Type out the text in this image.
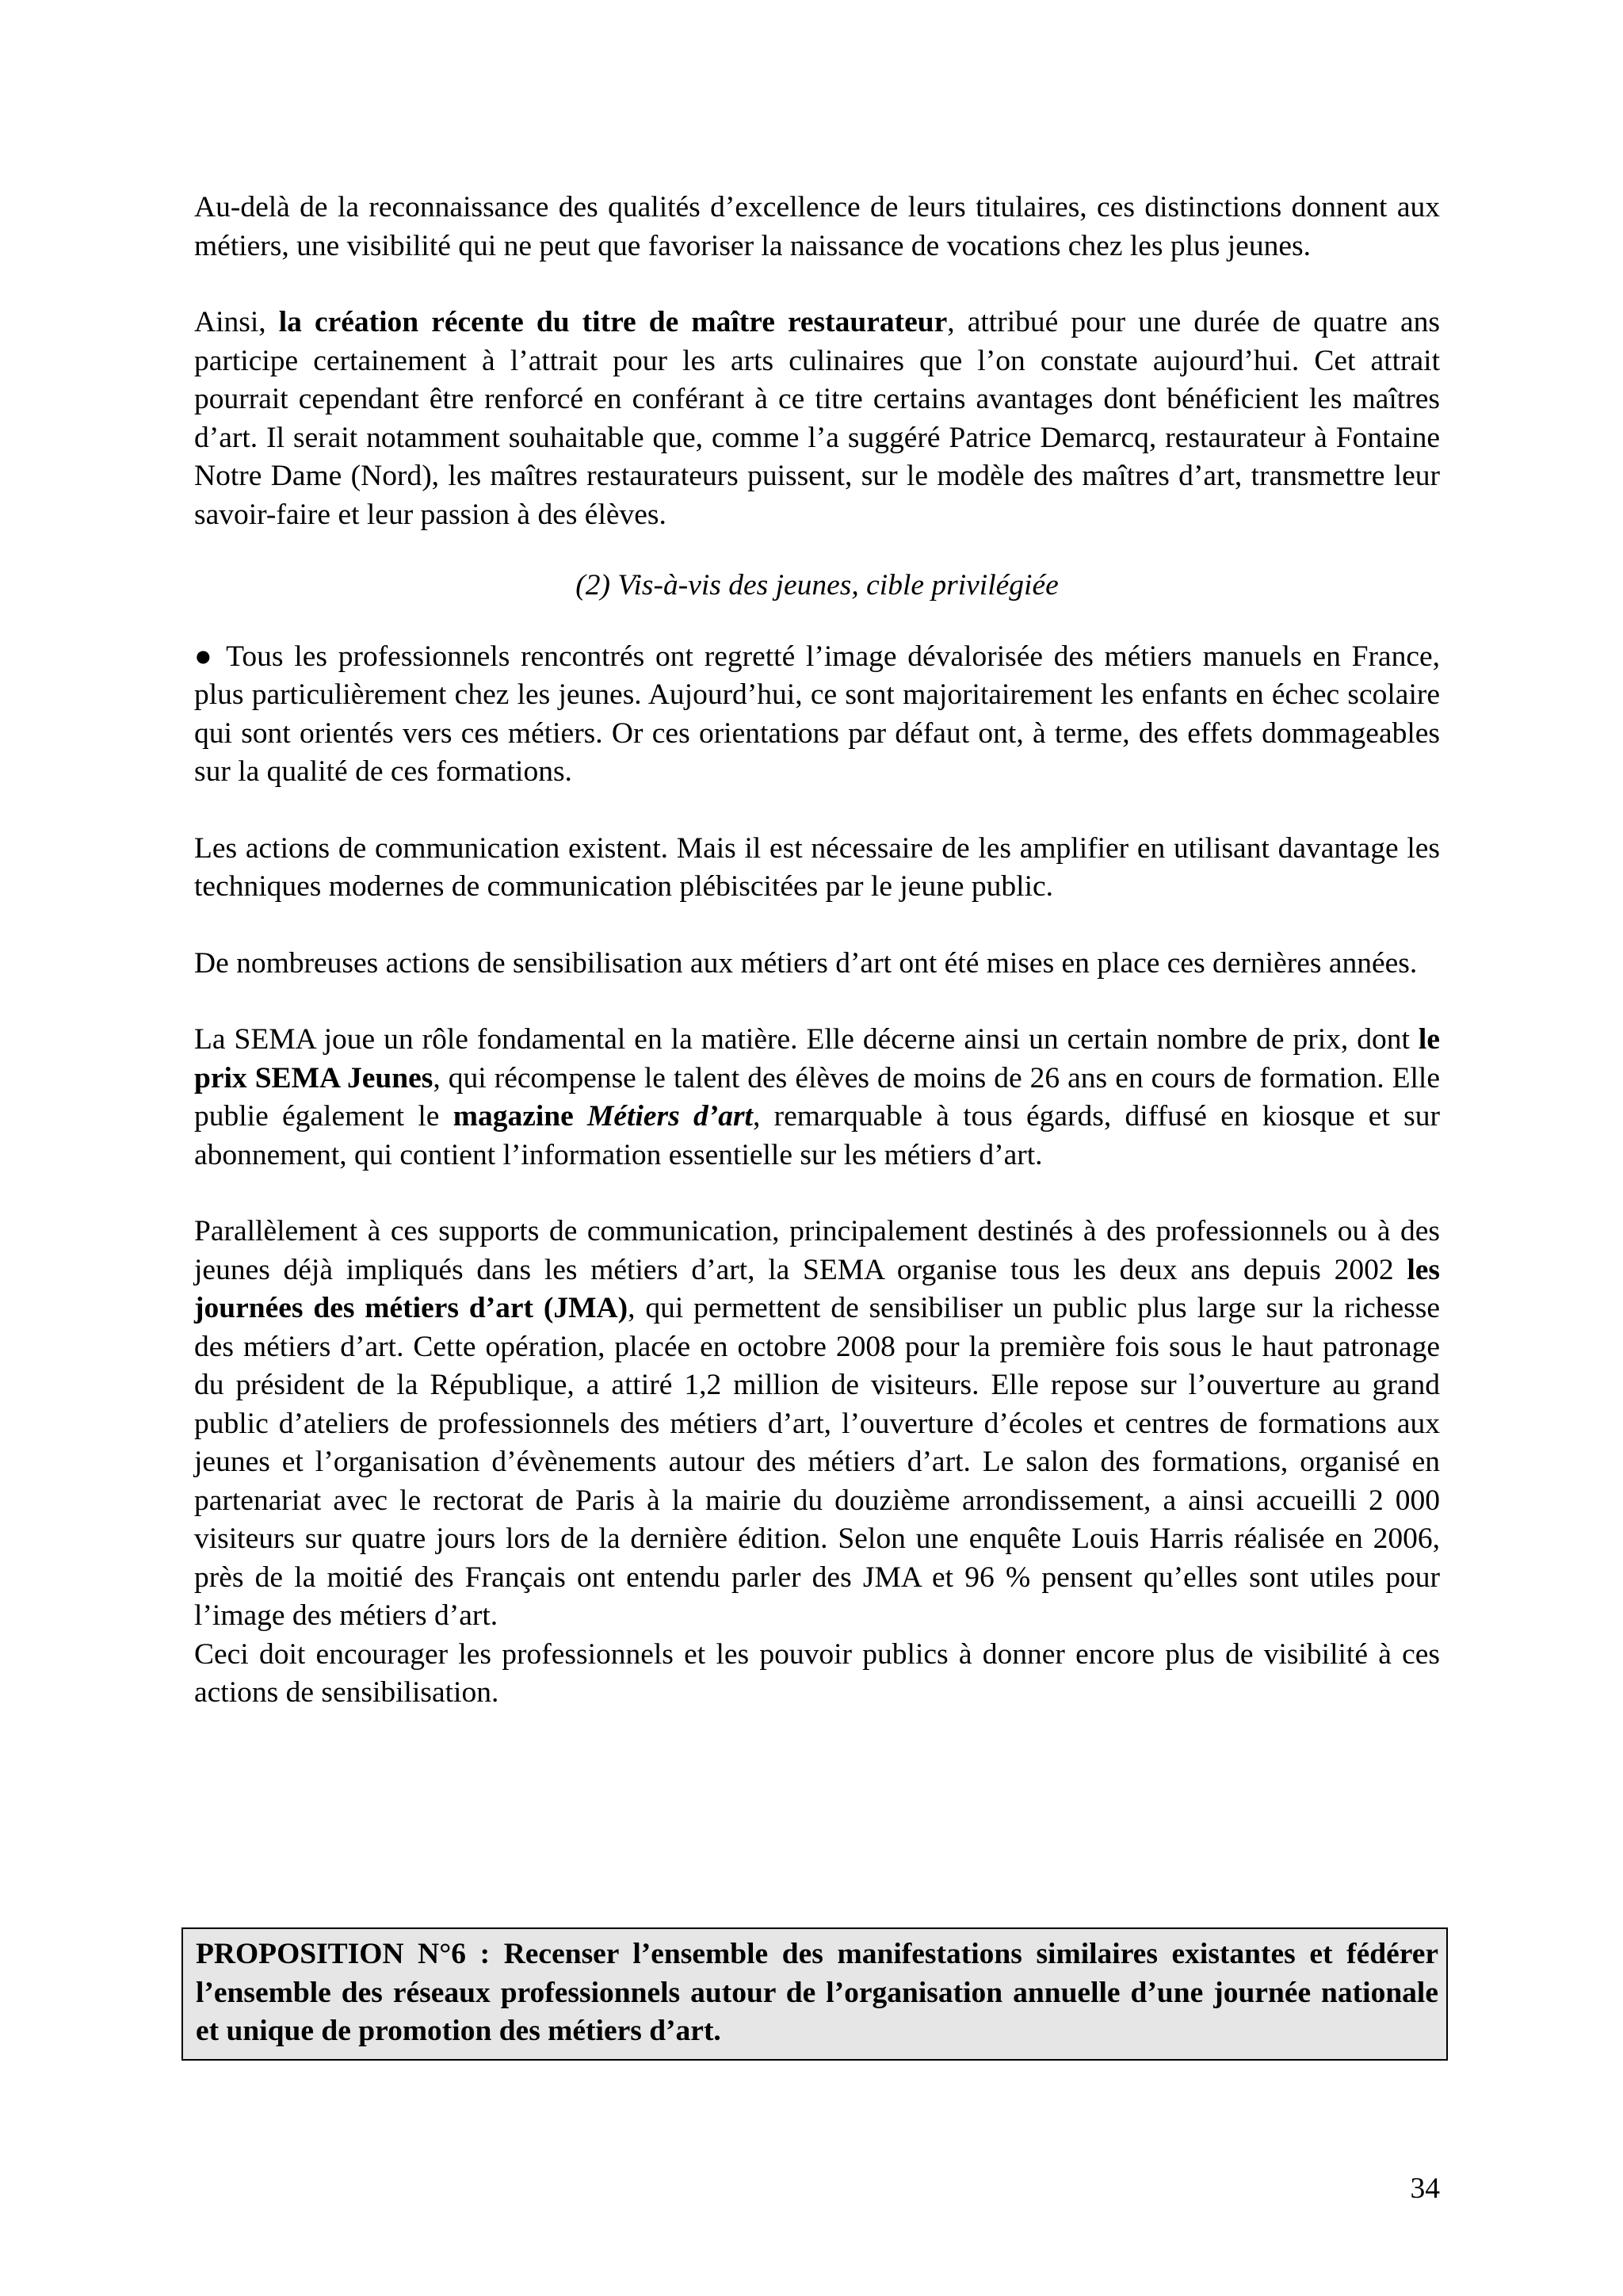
Au-delà de la reconnaissance des qualités d’excellence de leurs titulaires, ces distinctions donnent aux métiers, une visibilité qui ne peut que favoriser la naissance de vocations chez les plus jeunes.

Ainsi, la création récente du titre de maître restaurateur, attribué pour une durée de quatre ans participe certainement à l’attrait pour les arts culinaires que l’on constate aujourd’hui. Cet attrait pourrait cependant être renforcé en conférant à ce titre certains avantages dont bénéficient les maîtres d’art. Il serait notamment souhaitable que, comme l’a suggéré Patrice Demarcq, restaurateur à Fontaine Notre Dame (Nord), les maîtres restaurateurs puissent, sur le modèle des maîtres d’art, transmettre leur savoir-faire et leur passion à des élèves.

(2) Vis-à-vis des jeunes, cible privilégiée

● Tous les professionnels rencontrés ont regretté l’image dévalorisée des métiers manuels en France, plus particulièrement chez les jeunes. Aujourd’hui, ce sont majoritairement les enfants en échec scolaire qui sont orientés vers ces métiers. Or ces orientations par défaut ont, à terme, des effets dommageables sur la qualité de ces formations.

Les actions de communication existent. Mais il est nécessaire de les amplifier en utilisant davantage les techniques modernes de communication plébiscitées par le jeune public.

De nombreuses actions de sensibilisation aux métiers d’art ont été mises en place ces dernières années.

La SEMA joue un rôle fondamental en la matière. Elle décerne ainsi un certain nombre de prix, dont le prix SEMA Jeunes, qui récompense le talent des élèves de moins de 26 ans en cours de formation. Elle publie également le magazine Métiers d’art, remarquable à tous égards, diffusé en kiosque et sur abonnement, qui contient l’information essentielle sur les métiers d’art.

Parallèlement à ces supports de communication, principalement destinés à des professionnels ou à des jeunes déjà impliqués dans les métiers d’art, la SEMA organise tous les deux ans depuis 2002 les journées des métiers d’art (JMA), qui permettent de sensibiliser un public plus large sur la richesse des métiers d’art. Cette opération, placée en octobre 2008 pour la première fois sous le haut patronage du président de la République, a attiré 1,2 million de visiteurs. Elle repose sur l’ouverture au grand public d’ateliers de professionnels des métiers d’art, l’ouverture d’écoles et centres de formations aux jeunes et l’organisation d’évènements autour des métiers d’art. Le salon des formations, organisé en partenariat avec le rectorat de Paris à la mairie du douzième arrondissement, a ainsi accueilli 2 000 visiteurs sur quatre jours lors de la dernière édition. Selon une enquête Louis Harris réalisée en 2006, près de la moitié des Français ont entendu parler des JMA et 96 % pensent qu’elles sont utiles pour l’image des métiers d’art.

Ceci doit encourager les professionnels et les pouvoir publics à donner encore plus de visibilité à ces actions de sensibilisation.

PROPOSITION N°6 : Recenser l’ensemble des manifestations similaires existantes et fédérer l’ensemble des réseaux professionnels autour de l’organisation annuelle d’une journée nationale et unique de promotion des métiers d’art.
34
